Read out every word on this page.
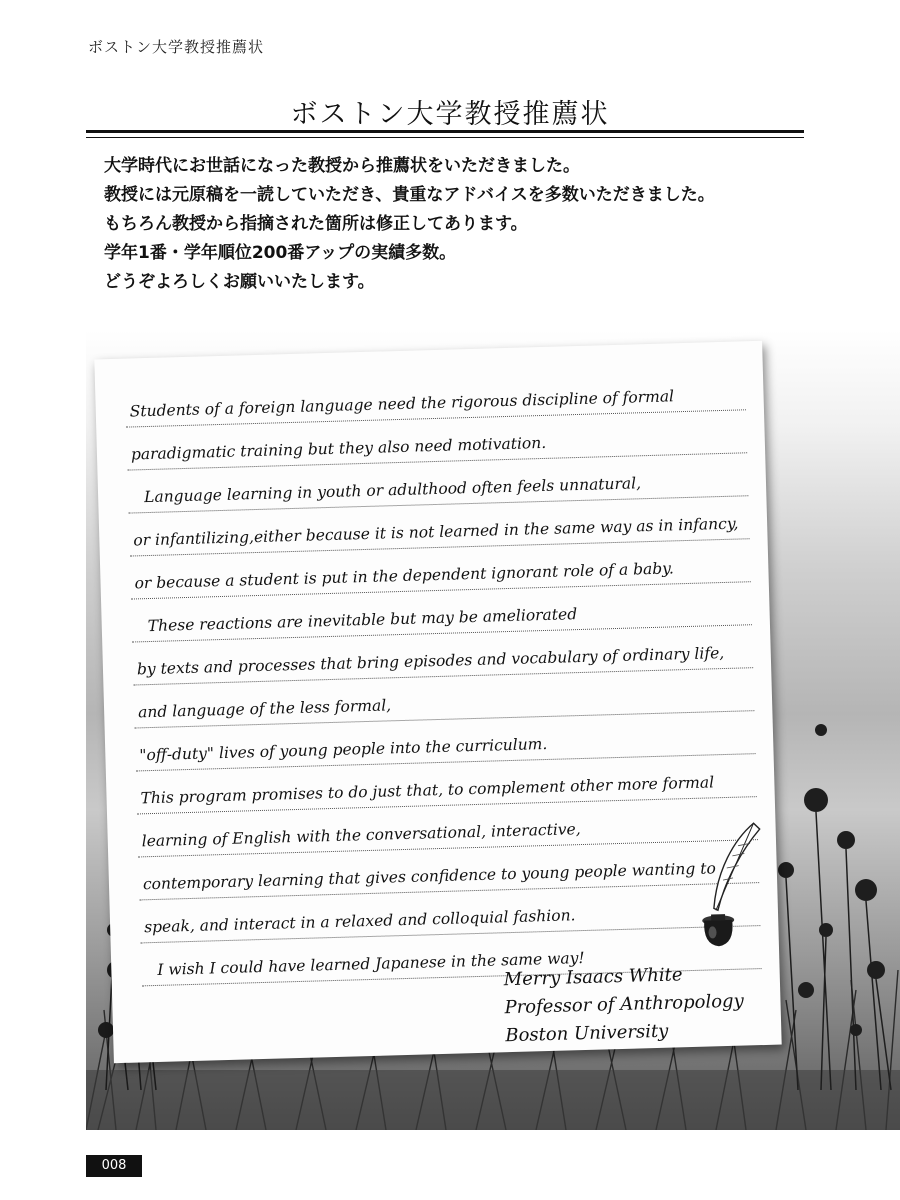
ボストン大学教授推薦状
ボストン大学教授推薦状
大学時代にお世話になった教授から推薦状をいただきました。
教授には元原稿を一読していただき、貴重なアドバイスを多数いただきました。
もちろん教授から指摘された箇所は修正してあります。
学年1番・学年順位200番アップの実績多数。
どうぞよろしくお願いいたします。
Students of a foreign language need the rigorous discipline of formal
paradigmatic training but they also need motivation.
Language learning in youth or adulthood often feels unnatural,
or infantilizing,either because it is not learned in the same way as in infancy,
or because a student is put in the dependent ignorant role of a baby.
These reactions are inevitable but may be ameliorated
by texts and processes that bring episodes and vocabulary of ordinary life,
and language of the less formal,
"off-duty" lives of young people into the curriculum.
This program promises to do just that, to complement other more formal
learning of English with the conversational, interactive,
contemporary learning that gives confidence to young people wanting to
speak, and interact in a relaxed and colloquial fashion.
I wish I could have learned Japanese in the same way!
Merry Isaacs White
Professor of Anthropology
Boston University
008
